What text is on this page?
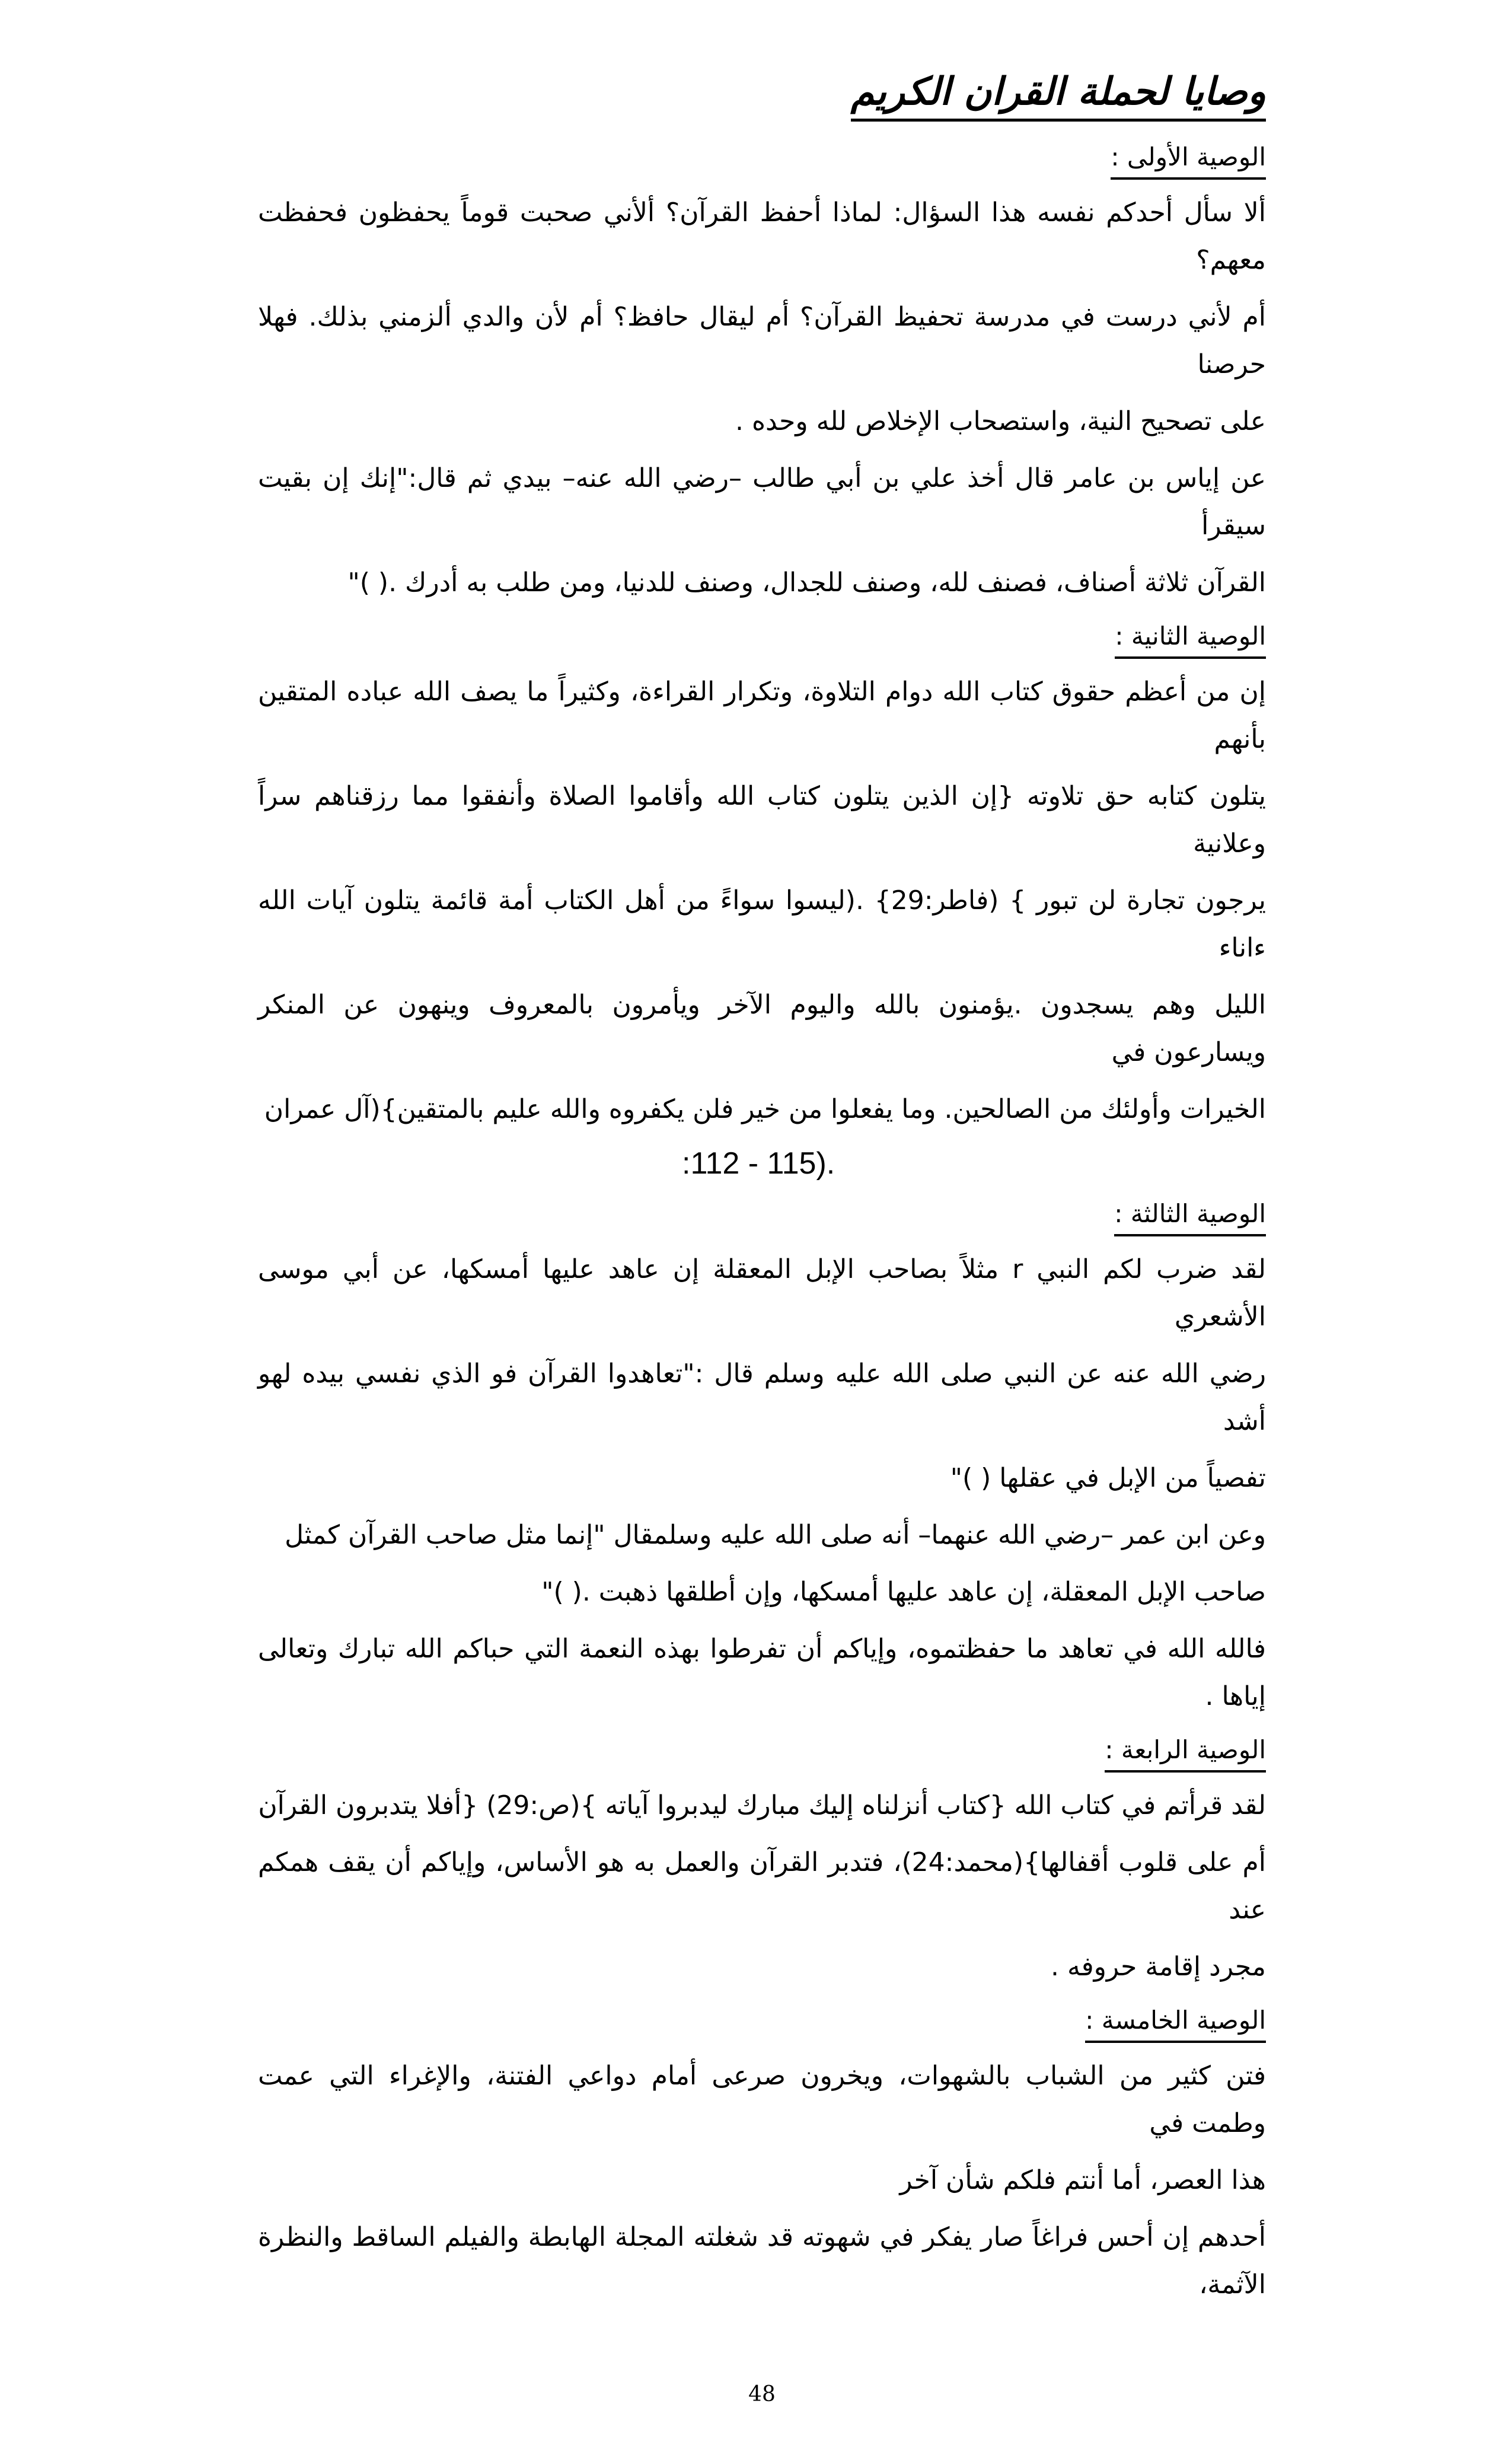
وصايا لحملة القران الكريم
الوصية الأولى :
ألا سأل أحدكم نفسه هذا السؤال: لماذا أحفظ القرآن؟ ألأني صحبت قوماً يحفظون فحفظت معهم؟
أم لأني درست في مدرسة تحفيظ القرآن؟ أم ليقال حافظ؟ أم لأن والدي ألزمني بذلك. فهلا حرصنا
على تصحيح النية، واستصحاب الإخلاص لله وحده .
عن إياس بن عامر قال أخذ علي بن أبي طالب –رضي الله عنه– بيدي ثم قال:"إنك إن بقيت سيقرأ
القرآن ثلاثة أصناف، فصنف لله، وصنف للجدال، وصنف للدنيا، ومن طلب به أدرك .( )"
الوصية الثانية :
إن من أعظم حقوق كتاب الله دوام التلاوة، وتكرار القراءة، وكثيراً ما يصف الله عباده المتقين بأنهم
يتلون كتابه حق تلاوته {إن الذين يتلون كتاب الله وأقاموا الصلاة وأنفقوا مما رزقناهم سراً وعلانية
يرجون تجارة لن تبور } (فاطر:29} .(ليسوا سواءً من أهل الكتاب أمة قائمة يتلون آيات الله ءاناء
الليل وهم يسجدون .يؤمنون بالله واليوم الآخر ويأمرون بالمعروف وينهون عن المنكر ويسارعون في
الخيرات وأولئك من الصالحين. وما يفعلوا من خير فلن يكفروه والله عليم بالمتقين}(آل عمران
:112 - 115).
الوصية الثالثة :
لقد ضرب لكم النبي r مثلاً بصاحب الإبل المعقلة إن عاهد عليها أمسكها، عن أبي موسى الأشعري
رضي الله عنه عن النبي صلى الله عليه وسلم قال :"تعاهدوا القرآن فو الذي نفسي بيده لهو أشد
تفصياً من الإبل في عقلها ( )"
وعن ابن عمر –رضي الله عنهما– أنه صلى الله عليه وسلمقال "إنما مثل صاحب القرآن كمثل
صاحب الإبل المعقلة، إن عاهد عليها أمسكها، وإن أطلقها ذهبت .( )"
فالله الله في تعاهد ما حفظتموه، وإياكم أن تفرطوا بهذه النعمة التي حباكم الله تبارك وتعالى إياها .
الوصية الرابعة :
لقد قرأتم في كتاب الله {كتاب أنزلناه إليك مبارك ليدبروا آياته }(ص:29) {أفلا يتدبرون القرآن
أم على قلوب أقفالها}(محمد:24)، فتدبر القرآن والعمل به هو الأساس، وإياكم أن يقف همكم عند
مجرد إقامة حروفه .
الوصية الخامسة :
فتن كثير من الشباب بالشهوات، ويخرون صرعى أمام دواعي الفتنة، والإغراء التي عمت وطمت في
هذا العصر، أما أنتم فلكم شأن آخر
أحدهم إن أحس فراغاً صار يفكر في شهوته قد شغلته المجلة الهابطة والفيلم الساقط والنظرة الآثمة،
48
